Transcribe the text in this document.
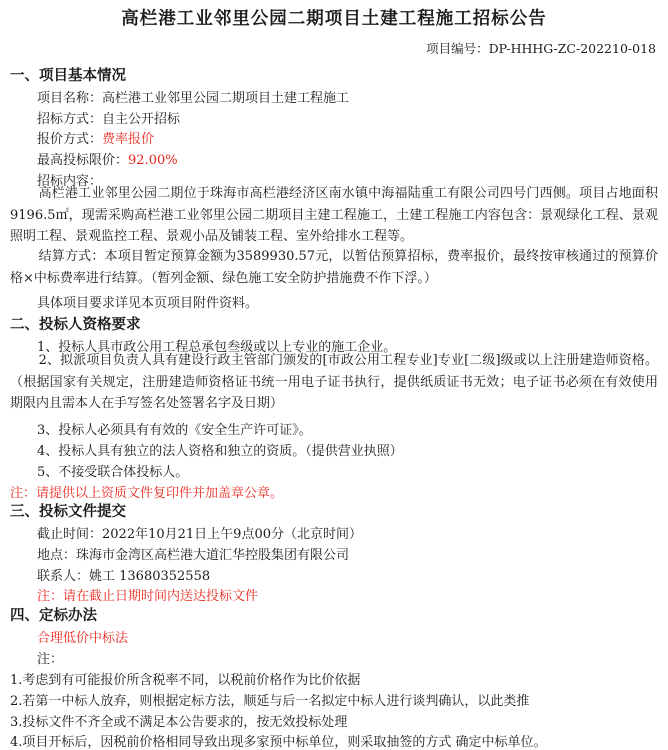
高栏港工业邻里公园二期项目土建工程施工招标公告
项目编号：DP-HHHG-ZC-202210-018
一、项目基本情况
项目名称：高栏港工业邻里公园二期项目土建工程施工
招标方式：自主公开招标
报价方式：费率报价
最高投标限价：92.00%
招标内容：
高栏港工业邻里公园二期位于珠海市高栏港经济区南水镇中海福陆重工有限公司四号门西侧。项目占地面积9196.5㎡，现需采购高栏港工业邻里公园二期项目主建工程施工，土建工程施工内容包含：景观绿化工程、景观照明工程、景观监控工程、景观小品及铺装工程、室外给排水工程等。
结算方式：本项目暂定预算金额为3589930.57元，以暂估预算招标，费率报价，最终按审核通过的预算价格×中标费率进行结算。（暂列金额、绿色施工安全防护措施费不作下浮。）
具体项目要求详见本页项目附件资料。
二、投标人资格要求
1、投标人具市政公用工程总承包叁级或以上专业的施工企业。
2、拟派项目负责人具有建设行政主管部门颁发的[市政公用工程专业]专业[二级]级或以上注册建造师资格。（根据国家有关规定，注册建造师资格证书统一用电子证书执行，提供纸质证书无效；电子证书必须在有效使用期限内且需本人在手写签名处签署名字及日期）
3、投标人必须具有有效的《安全生产许可证》。
4、投标人具有独立的法人资格和独立的资质。（提供营业执照）
5、不接受联合体投标人。
注：请提供以上资质文件复印件并加盖章公章。
三、投标文件提交
截止时间：2022年10月21日上午9点00分（北京时间）
地点：珠海市金湾区高栏港大道汇华控股集团有限公司
联系人：姚工 13680352558
注：请在截止日期时间内送达投标文件
四、定标办法
合理低价中标法
注：
1.考虑到有可能报价所含税率不同，以税前价格作为比价依据
2.若第一中标人放弃，则根据定标方法，顺延与后一名拟定中标人进行谈判确认，以此类推
3.投标文件不齐全或不满足本公告要求的，按无效投标处理
4.项目开标后，因税前价格相同导致出现多家预中标单位，则采取抽签的方式 确定中标单位。
